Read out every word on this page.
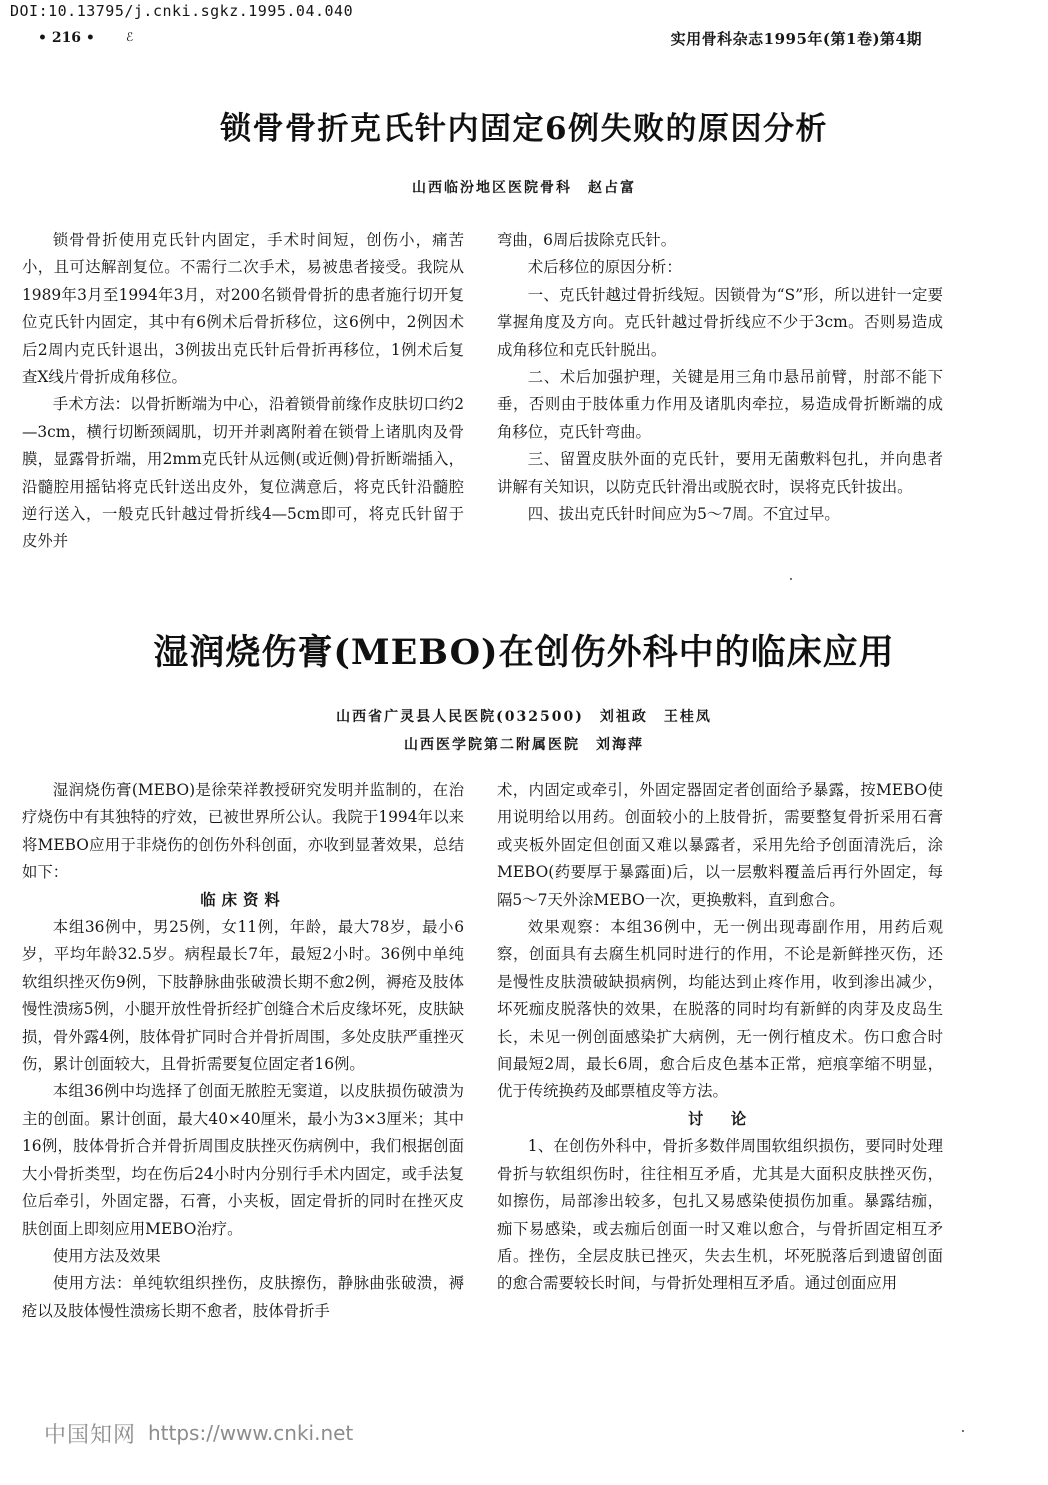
DOI:10.13795/j.cnki.sgkz.1995.04.040
• 216 •	ℰ	实用骨科杂志1995年(第1卷)第4期
锁骨骨折克氏针内固定6例失败的原因分析
山西临汾地区医院骨科　赵占富

锁骨骨折使用克氏针内固定，手术时间短，创伤小，痛苦小，且可达解剖复位。不需行二次手术，易被患者接受。我院从1989年3月至1994年3月，对200名锁骨骨折的患者施行切开复位克氏针内固定，其中有6例术后骨折移位，这6例中，2例因术后2周内克氏针退出，3例拔出克氏针后骨折再移位，1例术后复查X线片骨折成角移位。

手术方法：以骨折断端为中心，沿着锁骨前缘作皮肤切口约2—3cm，横行切断颈阔肌，切开并剥离附着在锁骨上诸肌肉及骨膜，显露骨折端，用2mm克氏针从远侧(或近侧)骨折断端插入，沿髓腔用摇钻将克氏针送出皮外，复位满意后，将克氏针沿髓腔逆行送入，一般克氏针越过骨折线4—5cm即可，将克氏针留于皮外并

弯曲，6周后拔除克氏针。

术后移位的原因分析：

一、克氏针越过骨折线短。因锁骨为“S”形，所以进针一定要掌握角度及方向。克氏针越过骨折线应不少于3cm。否则易造成成角移位和克氏针脱出。

二、术后加强护理，关键是用三角巾悬吊前臂，肘部不能下垂，否则由于肢体重力作用及诸肌肉牵拉，易造成骨折断端的成角移位，克氏针弯曲。

三、留置皮肤外面的克氏针，要用无菌敷料包扎，并向患者讲解有关知识，以防克氏针滑出或脱衣时，误将克氏针拔出。

四、拔出克氏针时间应为5～7周。不宜过早。

湿润烧伤膏(MEBO)在创伤外科中的临床应用
山西省广灵县人民医院(032500)　刘祖政　王桂凤
山西医学院第二附属医院　刘海萍

湿润烧伤膏(MEBO)是徐荣祥教授研究发明并监制的，在治疗烧伤中有其独特的疗效，已被世界所公认。我院于1994年以来将MEBO应用于非烧伤的创伤外科创面，亦收到显著效果，总结如下：

临床资料

本组36例中，男25例，女11例，年龄，最大78岁，最小6岁，平均年龄32.5岁。病程最长7年，最短2小时。36例中单纯软组织挫灭伤9例，下肢静脉曲张破溃长期不愈2例，褥疮及肢体慢性溃疡5例，小腿开放性骨折经扩创缝合术后皮缘坏死，皮肤缺损，骨外露4例，肢体骨扩同时合并骨折周围，多处皮肤严重挫灭伤，累计创面较大，且骨折需要复位固定者16例。

本组36例中均选择了创面无脓腔无窦道，以皮肤损伤破溃为主的创面。累计创面，最大40×40厘米，最小为3×3厘米；其中16例，肢体骨折合并骨折周围皮肤挫灭伤病例中，我们根据创面大小骨折类型，均在伤后24小时内分别行手术内固定，或手法复位后牵引，外固定器，石膏，小夹板，固定骨折的同时在挫灭皮肤创面上即刻应用MEBO治疗。

使用方法及效果

使用方法：单纯软组织挫伤，皮肤擦伤，静脉曲张破溃，褥疮以及肢体慢性溃疡长期不愈者，肢体骨折手

术，内固定或牵引，外固定器固定者创面给予暴露，按MEBO使用说明给以用药。创面较小的上肢骨折，需要整复骨折采用石膏或夹板外固定但创面又难以暴露者，采用先给予创面清洗后，涂MEBO(药要厚于暴露面)后，以一层敷料覆盖后再行外固定，每隔5～7天外涂MEBO一次，更换敷料，直到愈合。

效果观察：本组36例中，无一例出现毒副作用，用药后观察，创面具有去腐生机同时进行的作用，不论是新鲜挫灭伤，还是慢性皮肤溃破缺损病例，均能达到止疼作用，收到渗出减少，坏死痂皮脱落快的效果，在脱落的同时均有新鲜的肉芽及皮岛生长，未见一例创面感染扩大病例，无一例行植皮术。伤口愈合时间最短2周，最长6周，愈合后皮色基本正常，疤痕挛缩不明显，优于传统换药及邮票植皮等方法。

讨　论

1、在创伤外科中，骨折多数伴周围软组织损伤，要同时处理骨折与软组织伤时，往往相互矛盾，尤其是大面积皮肤挫灭伤，如擦伤，局部渗出较多，包扎又易感染使损伤加重。暴露结痂，痂下易感染，或去痂后创面一时又难以愈合，与骨折固定相互矛盾。挫伤，全层皮肤已挫灭，失去生机，坏死脱落后到遗留创面的愈合需要较长时间，与骨折处理相互矛盾。通过创面应用

中国知网 https://www.cnki.net
